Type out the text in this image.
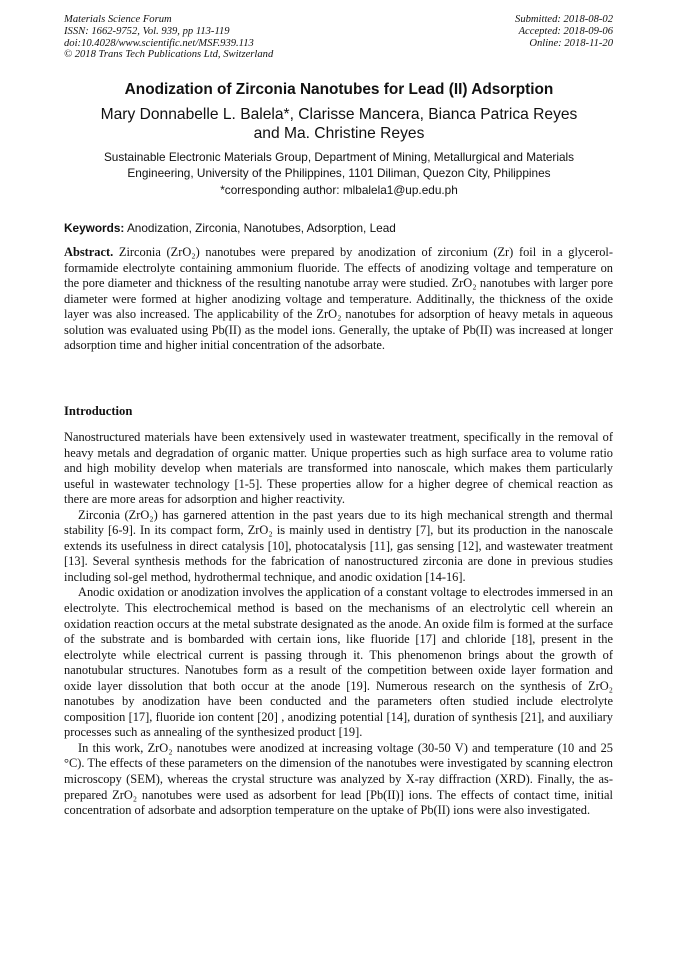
Materials Science Forum
ISSN: 1662-9752, Vol. 939, pp 113-119
doi:10.4028/www.scientific.net/MSF.939.113
© 2018 Trans Tech Publications Ltd, Switzerland
Submitted: 2018-08-02
Accepted: 2018-09-06
Online: 2018-11-20
Anodization of Zirconia Nanotubes for Lead (II) Adsorption
Mary Donnabelle L. Balela*, Clarisse Mancera, Bianca Patrica Reyes
and Ma. Christine Reyes
Sustainable Electronic Materials Group, Department of Mining, Metallurgical and Materials
Engineering, University of the Philippines, 1101 Diliman, Quezon City, Philippines
*corresponding author: mlbalela1@up.edu.ph
Keywords: Anodization, Zirconia, Nanotubes, Adsorption, Lead
Abstract. Zirconia (ZrO₂) nanotubes were prepared by anodization of zirconium (Zr) foil in a glycerol-formamide electrolyte containing ammonium fluoride. The effects of anodizing voltage and temperature on the pore diameter and thickness of the resulting nanotube array were studied. ZrO₂ nanotubes with larger pore diameter were formed at higher anodizing voltage and temperature. Additinally, the thickness of the oxide layer was also increased. The applicability of the ZrO₂ nanotubes for adsorption of heavy metals in aqueous solution was evaluated using Pb(II) as the model ions. Generally, the uptake of Pb(II) was increased at longer adsorption time and higher initial concentration of the adsorbate.
Introduction

Nanostructured materials have been extensively used in wastewater treatment, specifically in the removal of heavy metals and degradation of organic matter. Unique properties such as high surface area to volume ratio and high mobility develop when materials are transformed into nanoscale, which makes them particularly useful in wastewater technology [1-5]. These properties allow for a higher degree of chemical reaction as there are more areas for adsorption and higher reactivity.

Zirconia (ZrO₂) has garnered attention in the past years due to its high mechanical strength and thermal stability [6-9]. In its compact form, ZrO₂ is mainly used in dentistry [7], but its production in the nanoscale extends its usefulness in direct catalysis [10], photocatalysis [11], gas sensing [12], and wastewater treatment [13]. Several synthesis methods for the fabrication of nanostructured zirconia are done in previous studies including sol-gel method, hydrothermal technique, and anodic oxidation [14-16].

Anodic oxidation or anodization involves the application of a constant voltage to electrodes immersed in an electrolyte. This electrochemical method is based on the mechanisms of an electrolytic cell wherein an oxidation reaction occurs at the metal substrate designated as the anode. An oxide film is formed at the surface of the substrate and is bombarded with certain ions, like fluoride [17] and chloride [18], present in the electrolyte while electrical current is passing through it. This phenomenon brings about the growth of nanotubular structures. Nanotubes form as a result of the competition between oxide layer formation and oxide layer dissolution that both occur at the anode [19]. Numerous research on the synthesis of ZrO₂ nanotubes by anodization have been conducted and the parameters often studied include electrolyte composition [17], fluoride ion content [20] , anodizing potential [14], duration of synthesis [21], and auxiliary processes such as annealing of the synthesized product [19].

In this work, ZrO₂ nanotubes were anodized at increasing voltage (30-50 V) and temperature (10 and 25 °C). The effects of these parameters on the dimension of the nanotubes were investigated by scanning electron microscopy (SEM), whereas the crystal structure was analyzed by X-ray diffraction (XRD). Finally, the as-prepared ZrO₂ nanotubes were used as adsorbent for lead [Pb(II)] ions. The effects of contact time, initial concentration of adsorbate and adsorption temperature on the uptake of Pb(II) ions were also investigated.
